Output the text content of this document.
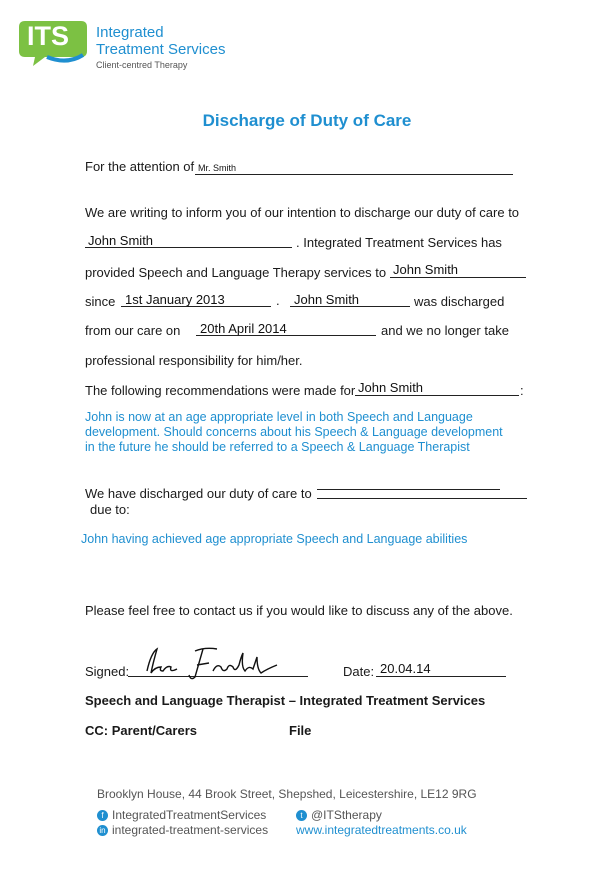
ITS Integrated
Treatment Services
Client-centred Therapy
Discharge of Duty of Care
For the attention of Mr. Smith
We are writing to inform you of our intention to discharge our duty of care to
John Smith	. Integrated Treatment Services has
provided Speech and Language Therapy services to John Smith
since 1st January 2013	. John Smith	was discharged
from our care on 20th April 2014	and we no longer take
professional responsibility for him/her.
The following recommendations were made for John Smith	:
John is now at an age appropriate level in both Speech and Language
development. Should concerns about his Speech & Language development
in the future he should be referred to a Speech & Language Therapist
We have discharged our duty of care to
due to:
John having achieved age appropriate Speech and Language abilities
Please feel free to contact us if you would like to discuss any of the above.
Signed:	Date: 20.04.14
Speech and Language Therapist – Integrated Treatment Services
CC: Parent/Carers	File
Brooklyn House, 44 Brook Street, Shepshed, Leicestershire, LE12 9RG
f IntegratedTreatmentServices	t @ITStherapy
in integrated-treatment-services www.integratedtreatments.co.uk
